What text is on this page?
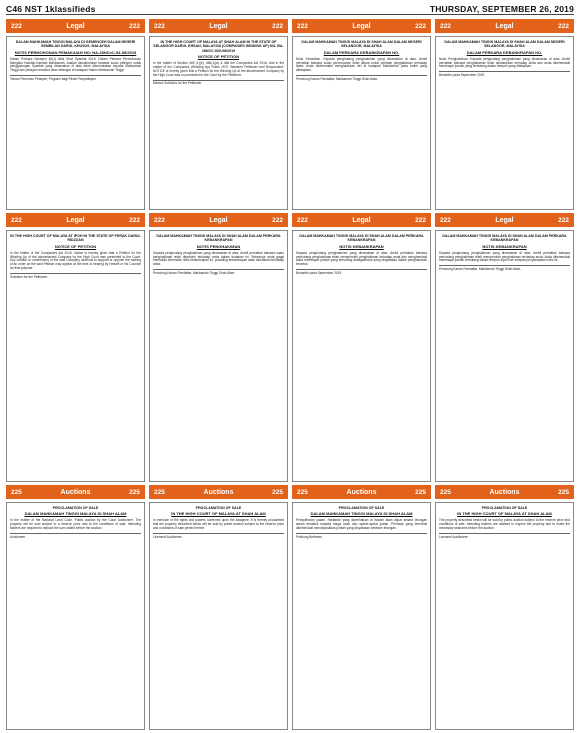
C46 NST 1klassifieds	THURSDAY, SEPTEMBER 26, 2019
222	Legal	222 222	Legal	222 222	Legal	222 222	Legal	222
DALAM MAHKAMAH TINGGI MALAYA DI GEMENCEH DALAM NEGERI SEMBILAN DARUL KHUSUS, MALAYSIA
NOTIS PERMOHONAN PEMAKAIAN NO: NA-28NCvC-54-09/2019
Dalam Perkara Seksyen 46(1) Akta Sirat Syarikat 2016. Dalam Perkara Permohonan Mengikut Kaedah-Kaedah Mahkamah. Adalah dimaklumkan bahawa suatu petisyen untuk penggulungan Syarikat yang dinamakan di atas telah dikemukakan kepada Mahkamah Tinggi dan petisyen tersebut akan didengar di hadapan Hakim Mahkamah Tinggi.
Tetuan Pemohon Petisyen, Peguam bagi Pihak Pempetisyen.
IN THE HIGH COURT OF MALAYA AT SHAH ALAM IN THE STATE OF SELANGOR DARUL EHSAN, MALAYSIA (COMPANIES WINDING UP) NO. BA-28NCC-920-08/2019
NOTICE OF PETITION
In the matter of Section 465 (1)(e), 466(1)(a) & 466 the Companies Act 2016. And in the matter of the Companies (Winding Up) Rules 1972. Between Petitioner and Respondent. NOTICE is hereby given that a Petition for the Winding Up of the abovenamed Company by the High Court was on presented to the Court by the Petitioner.
Messrs Solicitors for the Petitioner.
DALAM MAHKAMAH TINGGI MALAYA DI SHAH ALAM DALAM NEGERI SELANGOR, MALAYSIA
DALAM PERKARA KEBANKRAPAN NO.
Notis Kehadiran. Kepada penghutang penghakiman yang dinamakan di atas. Ambil perhatian bahawa suatu permohonan telah dibuat untuk perintah penghakiman terhadap anda. Anda dikehendaki menghadirkan diri di hadapan Mahkamah pada tarikh yang ditetapkan.
Penolong Kanan Pendaftar, Mahkamah Tinggi Shah Alam.
DALAM MAHKAMAH TINGGI MALAYA DI SHAH ALAM DALAM NEGERI SELANGOR, MALAYSIA
DALAM PERKARA KEBANKRAPAN NO.
Notis Penghakiman. Kepada penghutang penghakiman yang dinamakan di atas. Ambil perhatian bahawa penghakiman telah dimasukkan terhadap anda dan anda dikehendaki membayar jumlah yang terhutang dalam tempoh yang ditetapkan.
Bertarikh pada September 2019.
222	Legal	222 222	Legal	222 222	Legal	222 222	Legal	222
IN THE HIGH COURT OF MALAYA AT IPOH IN THE STATE OF PERAK DARUL RIDZUAN
NOTICE OF PETITION
In the Matter of the Companies Act 2016. Notice is hereby given that a Petition for the Winding Up of the abovenamed Company by the High Court was presented to the Court. Any creditor or contributory of the said Company desirous to support or oppose the making of an order on the said Petition may appear at the time of hearing by himself or his Counsel for that purpose.
Solicitors for the Petitioner.
DALAM MAHKAMAH TINGGI MALAYA DI SHAH ALAM DALAM PERKARA KEBANKRAPAN
NOTIS PENGHAKIMAN
Kepada penghutang penghakiman yang dinamakan di atas. Ambil perhatian bahawa suatu penghakiman telah diperoleh terhadap anda dalam tindakan ini. Sekiranya anda gagal mematuhi kehendak notis kebankrapan ini, prosiding kebankrapan akan dimulakan terhadap anda.
Penolong Kanan Pendaftar, Mahkamah Tinggi Shah Alam.
DALAM MAHKAMAH TINGGI MALAYA DI SHAH ALAM DALAM PERKARA KEBANKRAPAN
NOTIS KEBANKRAPAN
Kepada penghutang penghakiman yang dinamakan di atas. Ambil perhatian bahawa pemiutang penghakiman telah memperoleh penghakiman terhadap anda dan menghendaki anda membayar jumlah yang terhutang sebagaimana yang dinyatakan dalam penghakiman tersebut.
Bertarikh pada September 2019.
DALAM MAHKAMAH TINGGI MALAYA DI SHAH ALAM DALAM PERKARA KEBANKRAPAN
NOTIS KEBANKRAPAN
Kepada penghutang penghakiman yang dinamakan di atas. Ambil perhatian bahawa pemiutang penghakiman telah memperoleh penghakiman terhadap anda. Anda dikehendaki membayar jumlah terhutang dalam tempoh tujuh hari selepas penyampaian notis ini.
Penolong Kanan Pendaftar, Mahkamah Tinggi Shah Alam.
225	Auctions	225 225	Auctions	225 225	Auctions	225 225	Auctions	225
PROCLAMATION OF SALE
DALAM MAHKAMAH TINGGI MALAYA DI SHAH ALAM
In the matter of the National Land Code. Public auction by the Court Auctioneer. The property will be sold subject to a reserve price and to the conditions of sale. Intending bidders are required to deposit the sum stated before the auction.
Auctioneer.
PROCLAMATION OF SALE
IN THE HIGH COURT OF MALAYA AT SHAH ALAM
In exercise of the rights and powers conferred upon the Assignee, it is hereby proclaimed that the property described below will be sold by public auction subject to the reserve price and conditions of sale printed herein.
Licensed Auctioneer.
PROCLAMATION OF SALE
DALAM MAHKAMAH TINGGI MALAYA DI SHAH ALAM
Perisytiharan jualan. Hartanah yang diperihalkan di bawah akan dijual secara lelongan awam tertakluk kepada harga rizab dan syarat-syarat jualan. Penawar yang berminat dikehendaki mendepositkan jumlah yang dinyatakan sebelum lelongan.
Pelelong Berlesen.
PROCLAMATION OF SALE
IN THE HIGH COURT OF MALAYA AT SHAH ALAM
The property described below will be sold by public auction subject to the reserve price and conditions of sale. Intending bidders are advised to inspect the property and to make the necessary searches before the auction.
Licensed Auctioneer.
